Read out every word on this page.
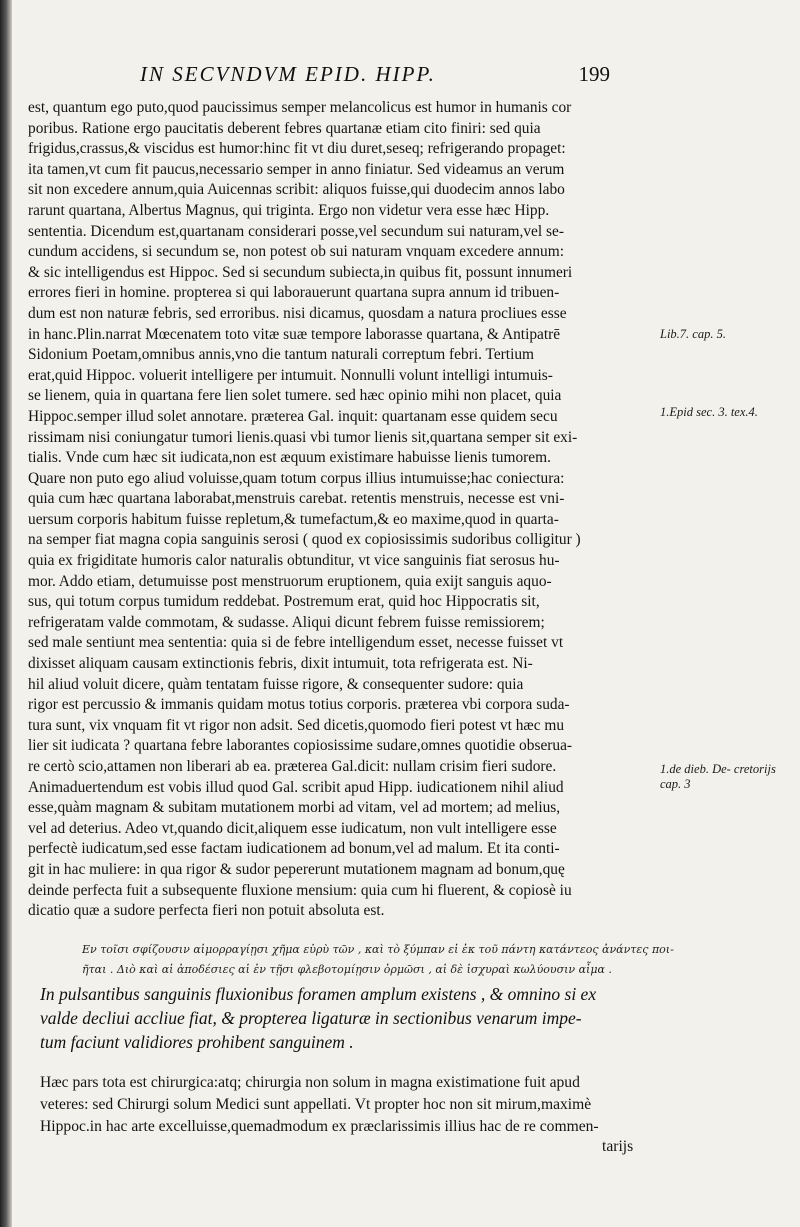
IN SECVNDVM EPID. HIPP.	199
est, quantum ego puto,quod paucissimus semper melancolicus est humor in humanis cor
poribus. Ratione ergo paucitatis deberent febres quartanæ etiam cito finiri: sed quia
frigidus,crassus,& viscidus est humor:hinc fit vt diu duret,seseq; refrigerando propaget:
ita tamen,vt cum fit paucus,necessario semper in anno finiatur. Sed videamus an verum
sit non excedere annum,quia Auicennas scribit: aliquos fuisse,qui duodecim annos labo
rarunt quartana, Albertus Magnus, qui triginta. Ergo non videtur vera esse hæc Hipp.
sententia. Dicendum est,quartanam considerari posse,vel secundum sui naturam,vel se-
cundum accidens, si secundum se, non potest ob sui naturam vnquam excedere annum:
& sic intelligendus est Hippoc. Sed si secundum subiecta,in quibus fit, possunt innumeri
errores fieri in homine. propterea si qui laborauerunt quartana supra annum id tribuen-
dum est non naturæ febris, sed erroribus. nisi dicamus, quosdam a natura procliues esse
in hanc.Plin.narrat Mœcenatem toto vitæ suæ tempore laborasse quartana, & Antipatrē
Sidonium Poetam,omnibus annis,vno die tantum naturali correptum febri. Tertium
erat,quid Hippoc. voluerit intelligere per intumuit. Nonnulli volunt intelligi intumuis-
se lienem, quia in quartana fere lien solet tumere. sed hæc opinio mihi non placet, quia
Hippoc.semper illud solet annotare. præterea Gal. inquit: quartanam esse quidem secu
rissimam nisi coniungatur tumori lienis.quasi vbi tumor lienis sit,quartana semper sit exi-
tialis. Vnde cum hæc sit iudicata,non est æquum existimare habuisse lienis tumorem.
Quare non puto ego aliud voluisse,quam totum corpus illius intumuisse;hac coniectura:
quia cum hæc quartana laborabat,menstruis carebat. retentis menstruis, necesse est vni-
uersum corporis habitum fuisse repletum,& tumefactum,& eo maxime,quod in quarta-
na semper fiat magna copia sanguinis serosi ( quod ex copiosissimis sudoribus colligitur )
quia ex frigiditate humoris calor naturalis obtunditur, vt vice sanguinis fiat serosus hu-
mor. Addo etiam, detumuisse post menstruorum eruptionem, quia exijt sanguis aquo-
sus, qui totum corpus tumidum reddebat. Postremum erat, quid hoc Hippocratis sit,
refrigeratam valde commotam, & sudasse. Aliqui dicunt febrem fuisse remissiorem;
sed male sentiunt mea sententia: quia si de febre intelligendum esset, necesse fuisset vt
dixisset aliquam causam extinctionis febris, dixit intumuit, tota refrigerata est. Ni-
hil aliud voluit dicere, quàm tentatam fuisse rigore, & consequenter sudore: quia
rigor est percussio & immanis quidam motus totius corporis. præterea vbi corpora suda-
tura sunt, vix vnquam fit vt rigor non adsit. Sed dicetis,quomodo fieri potest vt hæc mu
lier sit iudicata ? quartana febre laborantes copiosissime sudare,omnes quotidie obserua-
re certò scio,attamen non liberari ab ea. præterea Gal.dicit: nullam crisim fieri sudore.
Animaduertendum est vobis illud quod Gal. scribit apud Hipp. iudicationem nihil aliud
esse,quàm magnam & subitam mutationem morbi ad vitam, vel ad mortem; ad melius,
vel ad deterius. Adeo vt,quando dicit,aliquem esse iudicatum, non vult intelligere esse
perfectè iudicatum,sed esse factam iudicationem ad bonum,vel ad malum. Et ita conti-
git in hac muliere: in qua rigor & sudor pepererunt mutationem magnam ad bonum,quę
deinde perfecta fuit a subsequente fluxione mensium: quia cum hi fluerent, & copiosè iu
dicatio quæ a sudore perfecta fieri non potuit absoluta est.
Lib.7. cap. 5.
1.Epid sec. 3. tex.4.
1.de dieb. De- cretorijs cap. 3
Εν τοῖσι σφίζουσιν αἱμορραγίῃσι χῆμα εὐρὺ τῶν , καὶ τὸ ξύμπαν εἰ ἐκ τοῦ πάντη κατάντεος ἀνάντες ποι-
ῆται . Διὸ καὶ αἱ ἀποδέσιες αἱ ἐν τῇσι φλεβοτομίῃσιν ὁρμῶσι , αἱ δὲ ἰσχυραὶ κωλύουσιν αἷμα .
In pulsantibus sanguinis fluxionibus foramen amplum existens , & omnino si ex
valde decliui accliue fiat, & propterea ligaturæ in sectionibus venarum impe-
tum faciunt validiores prohibent sanguinem .
Hæc pars tota est chirurgica:atq; chirurgia non solum in magna existimatione fuit apud
veteres: sed Chirurgi solum Medici sunt appellati. Vt propter hoc non sit mirum,maximè
Hippoc.in hac arte excelluisse,quemadmodum ex præclarissimis illius hac de re commen-
tarijs
